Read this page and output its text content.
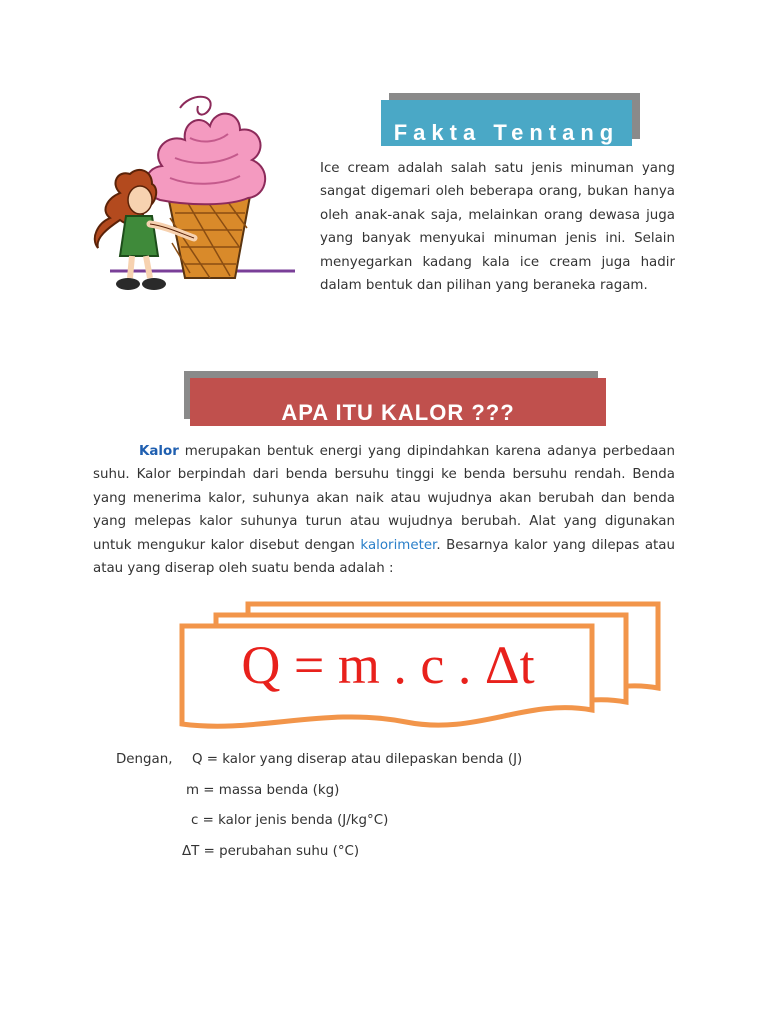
Fakta Tentang

Ice cream adalah salah satu jenis minuman yang sangat digemari oleh beberapa orang, bukan hanya oleh anak-anak saja, melainkan orang dewasa juga yang banyak menyukai minuman jenis ini. Selain menyegarkan kadang kala ice cream juga hadir dalam bentuk dan pilihan yang beraneka ragam.

APA ITU KALOR ???

Kalor merupakan bentuk energi yang dipindahkan karena adanya perbedaan suhu. Kalor berpindah dari benda bersuhu tinggi ke benda bersuhu rendah. Benda yang menerima kalor, suhunya akan naik atau wujudnya akan berubah dan benda yang melepas kalor suhunya turun atau wujudnya berubah. Alat yang digunakan untuk mengukur kalor disebut dengan kalorimeter. Besarnya kalor yang dilepas atau atau yang diserap oleh suatu benda adalah :

Q = m . c . Δt
Dengan, Q = kalor yang diserap atau dilepaskan benda (J)
m = massa benda (kg)
c = kalor jenis benda (J/kg°C)
ΔT = perubahan suhu (°C)
